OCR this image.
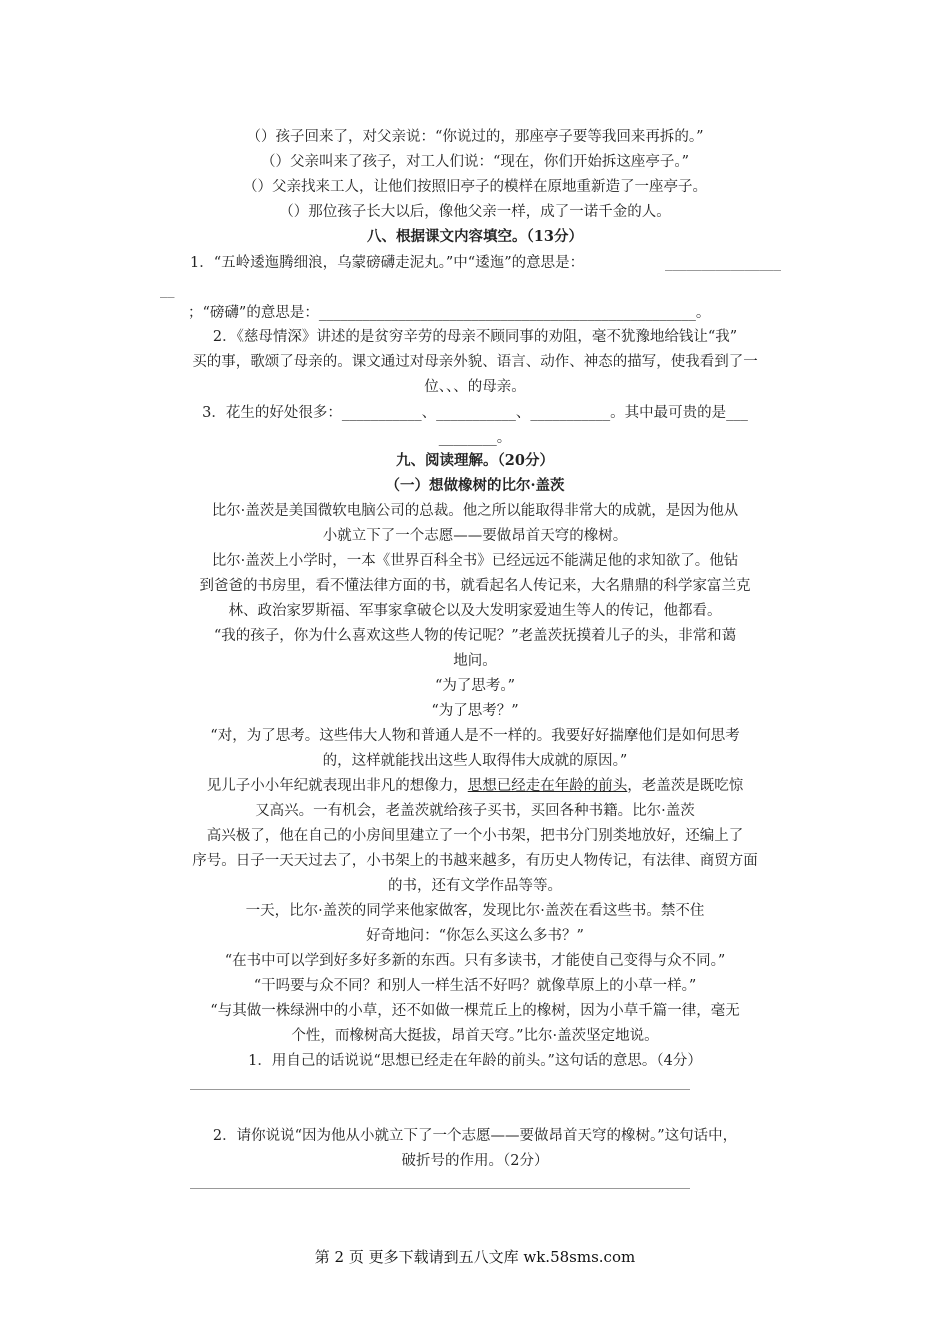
（）孩子回来了，对父亲说：“你说过的，那座亭子要等我回来再拆的。”
（）父亲叫来了孩子，对工人们说：“现在，你们开始拆这座亭子。”
（）父亲找来工人，让他们按照旧亭子的模样在原地重新造了一座亭子。
（）那位孩子长大以后，像他父亲一样，成了一诺千金的人。
八、根据课文内容填空。（13分）
1．“五岭逶迤腾细浪，乌蒙磅礴走泥丸。”中“逶迤”的意思是：	________________
__
；“磅礴”的意思是：____________________________________________________。
2．《慈母情深》讲述的是贫穷辛劳的母亲不顾同事的劝阻，毫不犹豫地给钱让“我”
买的事，歌颂了母亲的。课文通过对母亲外貌、语言、动作、神态的描写，使我看到了一
位、、、的母亲。
3．花生的好处很多：___________、___________、___________。其中最可贵的是___
________。
九、阅读理解。（20分）
（一）想做橡树的比尔·盖茨
比尔·盖茨是美国微软电脑公司的总裁。他之所以能取得非常大的成就，是因为他从
小就立下了一个志愿——要做昂首天穹的橡树。
比尔·盖茨上小学时，一本《世界百科全书》已经远远不能满足他的求知欲了。他钻
到爸爸的书房里，看不懂法律方面的书，就看起名人传记来，大名鼎鼎的科学家富兰克
林、政治家罗斯福、军事家拿破仑以及大发明家爱迪生等人的传记，他都看。
“我的孩子，你为什么喜欢这些人物的传记呢？”老盖茨抚摸着儿子的头，非常和蔼
地问。
“为了思考。”
“为了思考？”
“对，为了思考。这些伟大人物和普通人是不一样的。我要好好揣摩他们是如何思考
的，这样就能找出这些人取得伟大成就的原因。”
见儿子小小年纪就表现出非凡的想像力，思想已经走在年龄的前头，老盖茨是既吃惊
又高兴。一有机会，老盖茨就给孩子买书，买回各种书籍。比尔·盖茨
高兴极了，他在自己的小房间里建立了一个小书架，把书分门别类地放好，还编上了
序号。日子一天天过去了，小书架上的书越来越多，有历史人物传记，有法律、商贸方面
的书，还有文学作品等等。
一天，比尔·盖茨的同学来他家做客，发现比尔·盖茨在看这些书。禁不住
好奇地问：“你怎么买这么多书？”
“在书中可以学到好多好多新的东西。只有多读书，才能使自己变得与众不同。”
“干吗要与众不同？和别人一样生活不好吗？就像草原上的小草一样。”
“与其做一株绿洲中的小草，还不如做一棵荒丘上的橡树，因为小草千篇一律，毫无
个性，而橡树高大挺拔，昂首天穹。”比尔·盖茨坚定地说。
1．用自己的话说说“思想已经走在年龄的前头。”这句话的意思。（4分）
2．请你说说“因为他从小就立下了一个志愿——要做昂首天穹的橡树。”这句话中，
破折号的作用。（2分）
第 2 页 更多下载请到五八文库 wk.58sms.com
